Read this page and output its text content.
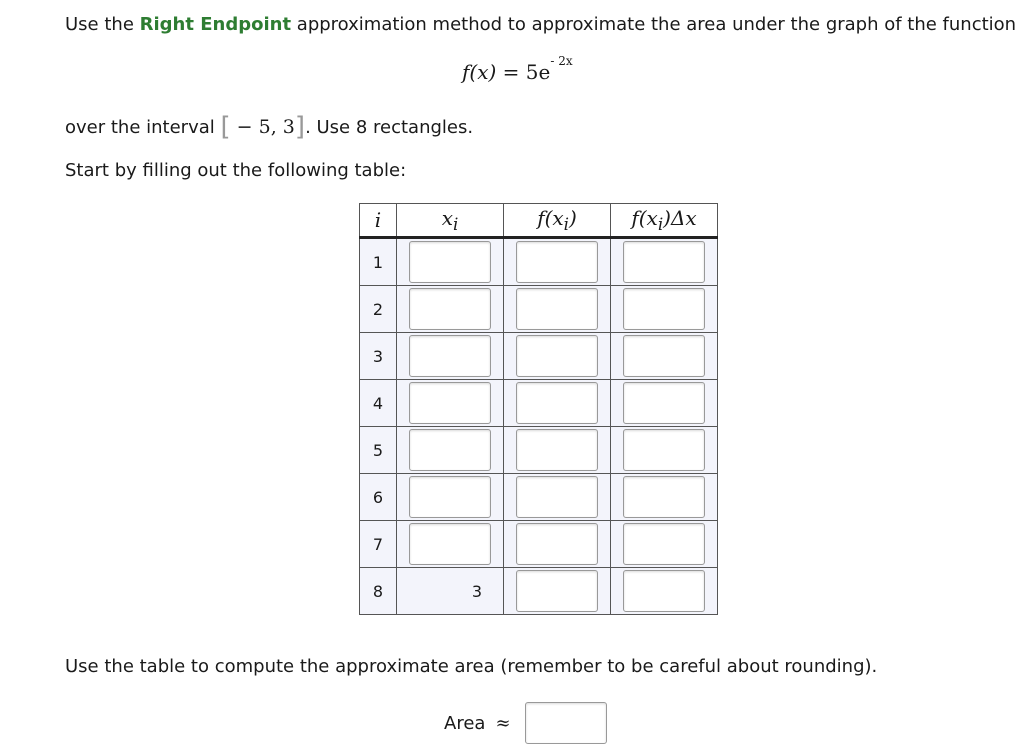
Use the Right Endpoint approximation method to approximate the area under the graph of the function
$f(x) = 5e^{- 2x}$
over the interval [ − 5, 3]. Use 8 rectangles.
Start by filling out the following table:
i	$x_i$	$f(x_i)$	$f(x_i)\Delta x$
1	

2	

3	

4	

5	

6	

7	

8	3	

Use the table to compute the approximate area (remember to be careful about rounding).
Area ≈
